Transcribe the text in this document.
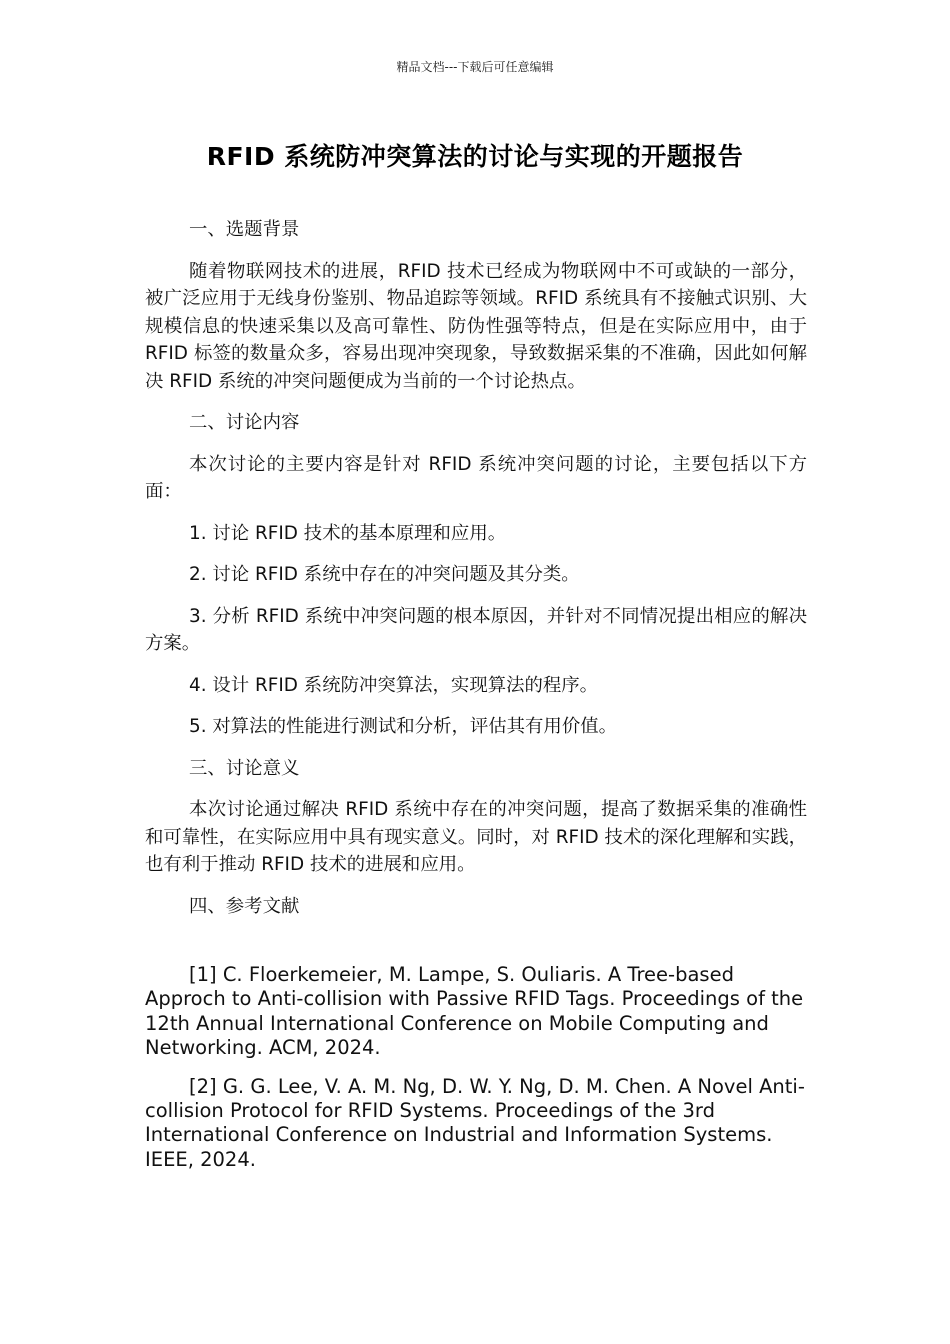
精品文档---下载后可任意编辑
RFID 系统防冲突算法的讨论与实现的开题报告

一、选题背景

随着物联网技术的进展，RFID 技术已经成为物联网中不可或缺的一部分，被广泛应用于无线身份鉴别、物品追踪等领域。RFID 系统具有不接触式识别、大规模信息的快速采集以及高可靠性、防伪性强等特点，但是在实际应用中，由于 RFID 标签的数量众多，容易出现冲突现象，导致数据采集的不准确，因此如何解决 RFID 系统的冲突问题便成为当前的一个讨论热点。

二、讨论内容

本次讨论的主要内容是针对 RFID 系统冲突问题的讨论，主要包括以下方面：

1. 讨论 RFID 技术的基本原理和应用。

2. 讨论 RFID 系统中存在的冲突问题及其分类。

3. 分析 RFID 系统中冲突问题的根本原因，并针对不同情况提出相应的解决方案。

4. 设计 RFID 系统防冲突算法，实现算法的程序。

5. 对算法的性能进行测试和分析，评估其有用价值。

三、讨论意义

本次讨论通过解决 RFID 系统中存在的冲突问题，提高了数据采集的准确性和可靠性，在实际应用中具有现实意义。同时，对 RFID 技术的深化理解和实践，也有利于推动 RFID 技术的进展和应用。

四、参考文献

[1] C. Floerkemeier, M. Lampe, S. Ouliaris. A Tree-based Approch to Anti-collision with Passive RFID Tags. Proceedings of the 12th Annual International Conference on Mobile Computing and Networking. ACM, 2024.

[2] G. G. Lee, V. A. M. Ng, D. W. Y. Ng, D. M. Chen. A Novel Anti-collision Protocol for RFID Systems. Proceedings of the 3rd International Conference on Industrial and Information Systems. IEEE, 2024.
